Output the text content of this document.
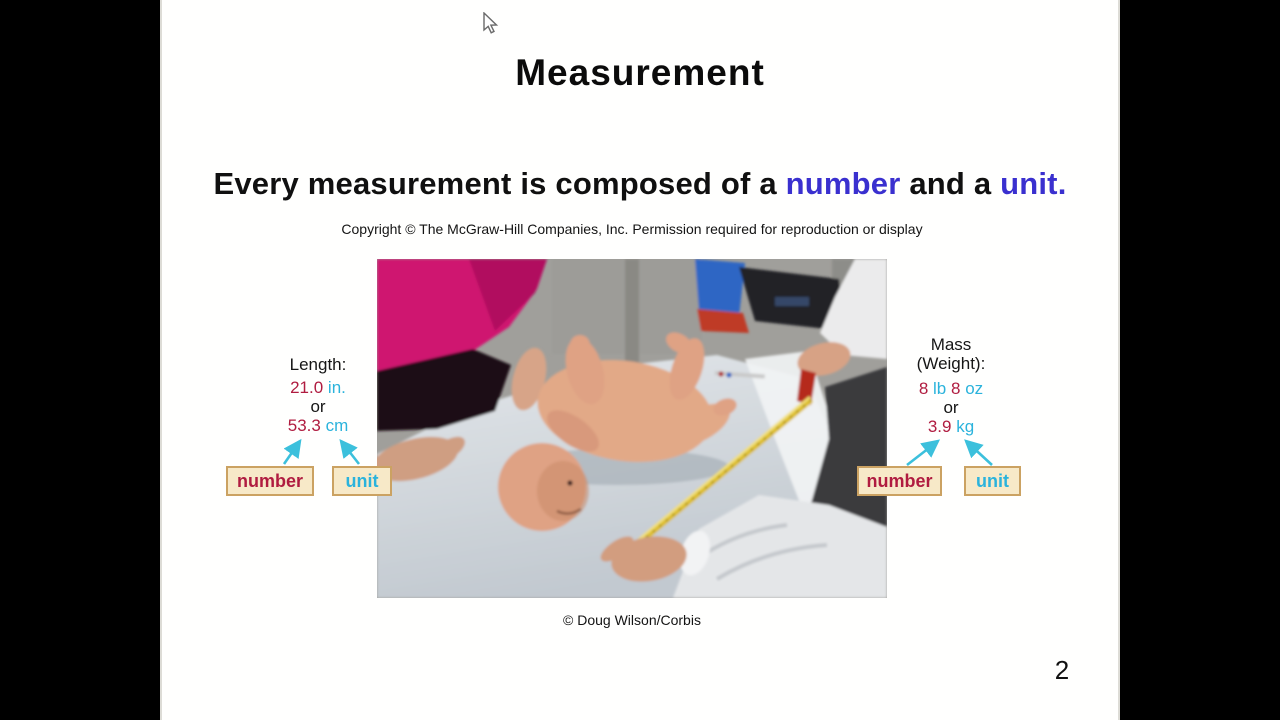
Measurement
Every measurement is composed of a number and a unit.
Copyright © The McGraw-Hill Companies, Inc. Permission required for reproduction or display
© Doug Wilson/Corbis
Length:
21.0 in.
or
53.3 cm
Mass
(Weight):
8 lb 8 oz
or
3.9 kg
number	unit	number	unit
2
